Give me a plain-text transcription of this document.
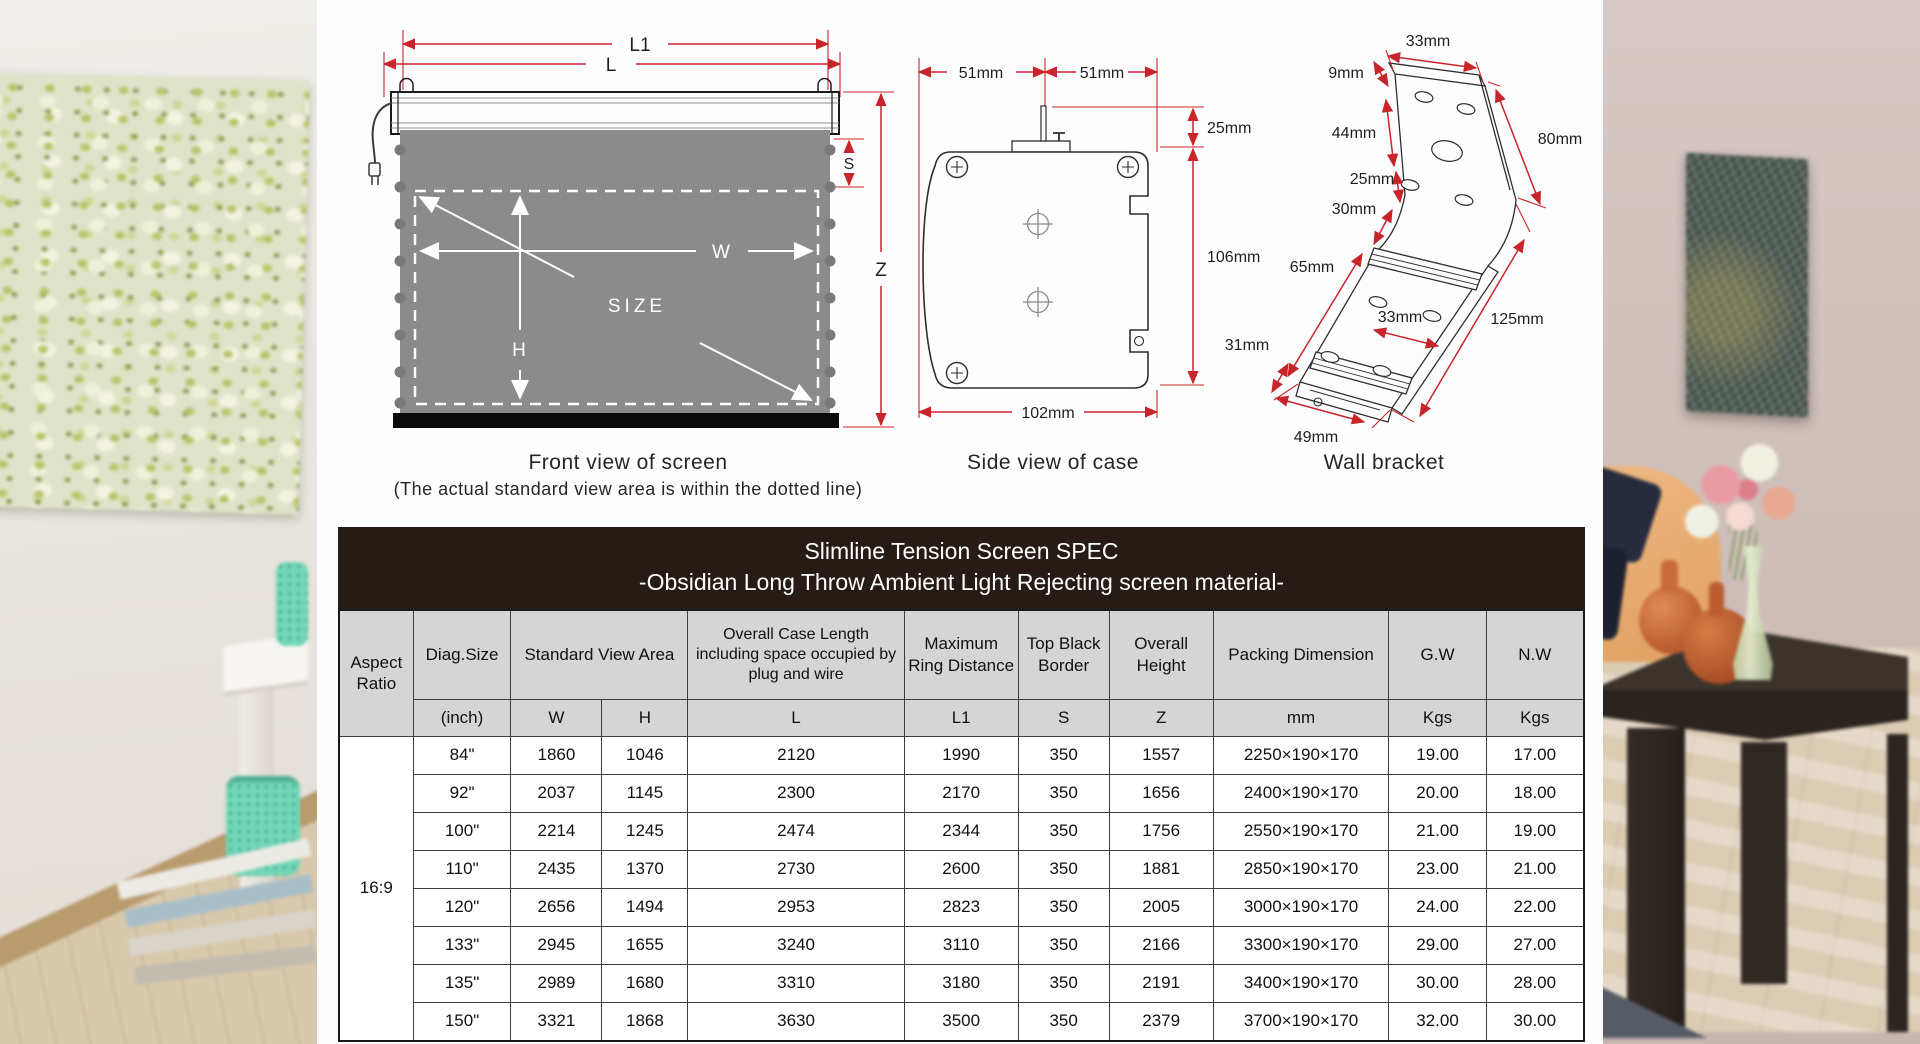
L1
L
S
Z
W
H
SIZE
Front view of screen
(The actual standard view area is within the dotted line)
51mm	51mm
25mm
106mm
102mm
Side view of case
33mm
9mm
44mm
25mm
30mm
65mm
31mm
33mm	125mm
80mm
49mm
Wall bracket
Slimline Tension Screen SPEC
-Obsidian Long Throw Ambient Light Rejecting screen material-
Aspect Ratio	Diag.Size	Standard View Area		Overall Case Length including space occupied by plug and wire	Maximum Ring Distance	Top Black Border	Overall Height	Packing Dimension	G.W	N.W
	(inch)	W	H	L	L1	S	Z	mm	Kgs	Kgs
16:9	84"	1860	1046	2120	1990	350	1557	2250×190×170	19.00	17.00
	92"	2037	1145	2300	2170	350	1656	2400×190×170	20.00	18.00
	100"	2214	1245	2474	2344	350	1756	2550×190×170	21.00	19.00
	110"	2435	1370	2730	2600	350	1881	2850×190×170	23.00	21.00
	120"	2656	1494	2953	2823	350	2005	3000×190×170	24.00	22.00
	133"	2945	1655	3240	3110	350	2166	3300×190×170	29.00	27.00
	135"	2989	1680	3310	3180	350	2191	3400×190×170	30.00	28.00
	150"	3321	1868	3630	3500	350	2379	3700×190×170	32.00	30.00
